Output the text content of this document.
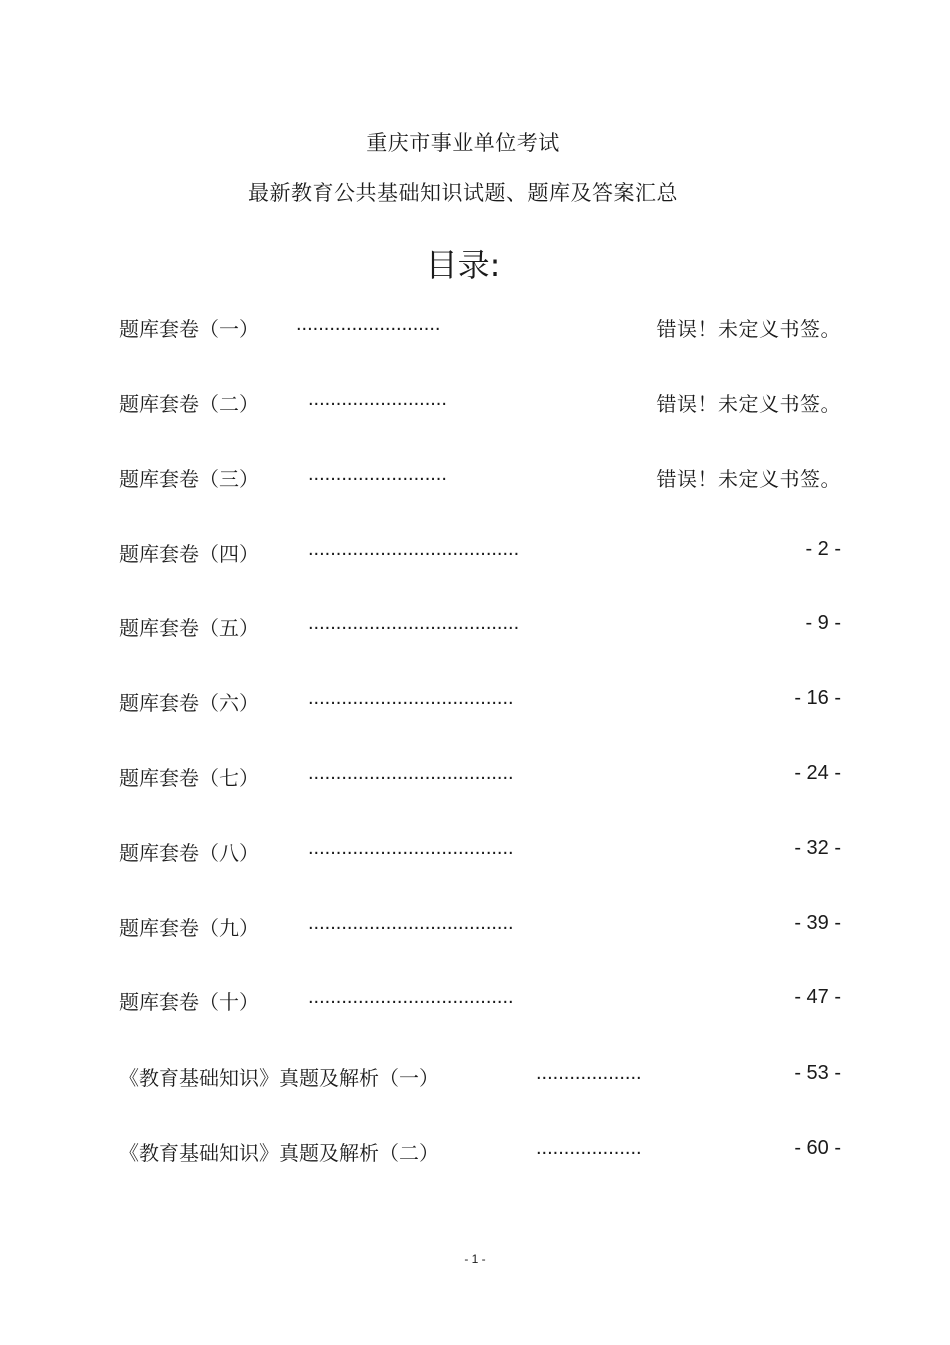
重庆市事业单位考试
最新教育公共基础知识试题、题库及答案汇总
目录:
题库套卷（一） ..........................	错误！未定义书签。
题库套卷（二） .........................	错误！未定义书签。
题库套卷（三） .........................	错误！未定义书签。
题库套卷（四） ......................................	- 2 -
题库套卷（五） ......................................	- 9 -
题库套卷（六） .....................................	- 16 -
题库套卷（七） .....................................	- 24 -
题库套卷（八） .....................................	- 32 -
题库套卷（九） .....................................	- 39 -
题库套卷（十） .....................................	- 47 -
《教育基础知识》真题及解析（一）	...................	- 53 -
《教育基础知识》真题及解析（二）	...................	- 60 -
- 1 -
